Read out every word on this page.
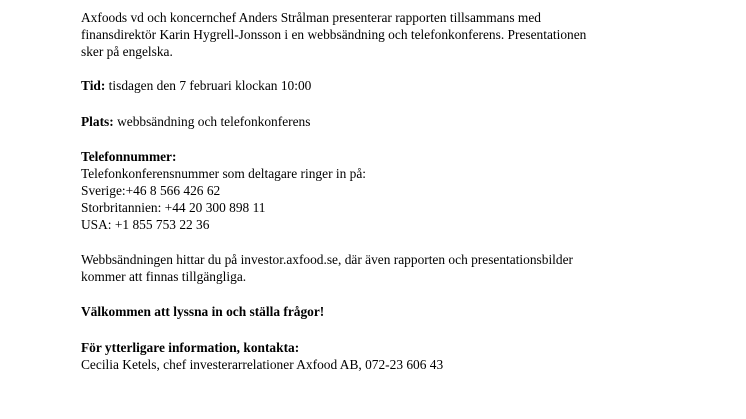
Axfoods vd och koncernchef Anders Strålman presenterar rapporten tillsammans med
finansdirektör Karin Hygrell-Jonsson i en webbsändning och telefonkonferens. Presentationen
sker på engelska.
Tid: tisdagen den 7 februari klockan 10:00
Plats: webbsändning och telefonkonferens
Telefonnummer:
Telefonkonferensnummer som deltagare ringer in på:
Sverige:+46 8 566 426 62
Storbritannien: +44 20 300 898 11
USA: +1 855 753 22 36
Webbsändningen hittar du på investor.axfood.se, där även rapporten och presentationsbilder
kommer att finnas tillgängliga.
Välkommen att lyssna in och ställa frågor!
För ytterligare information, kontakta:
Cecilia Ketels, chef investerarrelationer Axfood AB, 072-23 606 43
